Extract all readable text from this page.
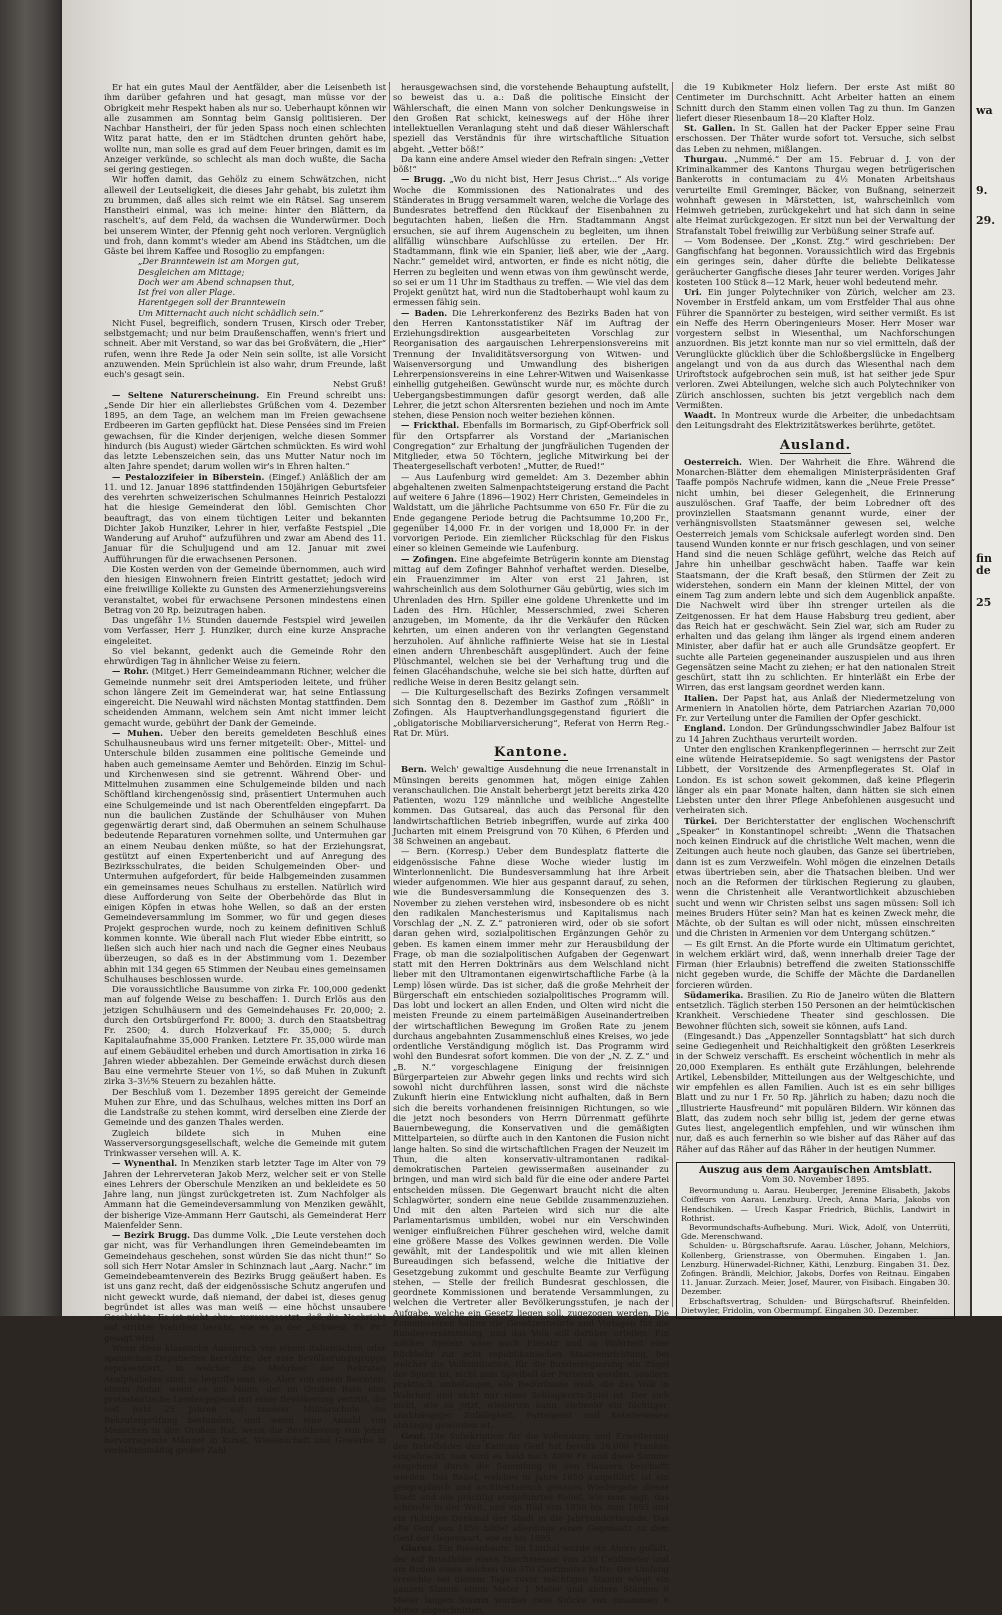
Er hat ein gutes Maul der Aentfälder, aber die Leisenbeth ist ihm darüber gefahren und hat gesagt, man müsse vor der Obrigkeit mehr Respekt haben als nur so. Ueberhaupt können wir alle zusammen am Sonntag beim Gansig politisieren. Der Nachbar Hanstheiri, der für jeden Spass noch einen schlechten Witz parat hatte, den er im Städtchen drunten gehört habe, wollte nun, man solle es grad auf dem Feuer bringen, damit es im Anzeiger verkünde, so schlecht als man doch wußte, die Sacha sei gering gestiegen.

Wir hoffen damit, das Gehölz zu einem Schwätzchen, nicht alleweil der Leutseligkeit, die dieses Jahr gehabt, bis zuletzt ihm zu brummen, daß alles sich reimt wie ein Rätsel. Sag unserem Hanstheiri einmal, was ich meine: hinter den Blättern, da raschelt's, auf dem Feld, da wachsen die Wunderwürmer. Doch bei unserem Winter, der Pfennig geht noch verloren. Vergnüglich und froh, dann kommt's wieder am Abend ins Städtchen, um die Gäste bei ihrem Kaffee und Rosoglio zu empfangen:

„Der Branntewein ist am Morgen gut,

Desgleichen am Mittage;

Doch wer am Abend schnapsen thut,

Ist frei von aller Plage.

Harentgegen soll der Branntewein

Um Mitternacht auch nicht schädlich sein.“

Nicht Fusel, begreiflich, sondern Trusen, Kirsch oder Treber, selbstgemacht; und nur beim Draußenschaffen, wenn's friert und schneit. Aber mit Verstand, so war das bei Großvätern, die „Hier“ rufen, wenn ihre Rede Ja oder Nein sein sollte, ist alle Vorsicht anzuwenden. Mein Sprüchlein ist also wahr, drum Freunde, laßt euch's gesagt sein.

Nebst Gruß!

— Seltene Naturerscheinung. Ein Freund schreibt uns: „Sende Dir hier ein allerliebstes Grüßchen vom 4. Dezember 1895, an dem Tage, an welchem man im Freien gewachsene Erdbeeren im Garten gepflückt hat. Diese Pensées sind im Freien gewachsen, für die Kinder derjenigen, welche diesen Sommer hindurch (bis August) wieder Gärtchen schmückten. Es wird wohl das letzte Lebenszeichen sein, das uns Mutter Natur noch im alten Jahre spendet; darum wollen wir's in Ehren halten.“

— Pestalozzifeier in Biberstein. (Eingef.) Anläßlich der am 11. und 12. Januar 1896 stattfindenden 150jährigen Geburtsfeier des verehrten schweizerischen Schulmannes Heinrich Pestalozzi hat die hiesige Gemeinderat den löbl. Gemischten Chor beauftragt, das von einem tüchtigen Leiter und bekannten Dichter Jakob Hunziker, Lehrer in hier, verfaßte Festspiel „Die Wanderung auf Aruhof“ aufzuführen und zwar am Abend des 11. Januar für die Schuljugend und am 12. Januar mit zwei Aufführungen für die erwachsenen Personen.

Die Kosten werden von der Gemeinde übernommen, auch wird den hiesigen Einwohnern freien Eintritt gestattet; jedoch wird eine freiwillige Kollekte zu Gunsten des Armenerziehungsvereins veranstaltet, wobei für erwachsene Personen mindestens einen Betrag von 20 Rp. beizutragen haben.

Das ungefähr 1½ Stunden dauernde Festspiel wird jeweilen vom Verfasser, Herr J. Hunziker, durch eine kurze Ansprache eingeleitet.

So viel bekannt, gedenkt auch die Gemeinde Rohr den ehrwürdigen Tag in ähnlicher Weise zu feiern.

— Rohr. (Mitget.) Herr Gemeindeammann Richner, welcher die Gemeinde nunmehr seit drei Amtsperioden leitete, und früher schon längere Zeit im Gemeinderat war, hat seine Entlassung eingereicht. Die Neuwahl wird nächsten Montag stattfinden. Dem scheidenden Ammann, welchem sein Amt nicht immer leicht gemacht wurde, gebührt der Dank der Gemeinde.

— Muhen. Ueber den bereits gemeldeten Beschluß eines Schulhausneubaus wird uns ferner mitgeteilt: Ober-, Mittel- und Unterschule bilden zusammen eine politische Gemeinde und haben auch gemeinsame Aemter und Behörden. Einzig im Schul- und Kirchenwesen sind sie getrennt. Während Ober- und Mittelmuhen zusammen eine Schulgemeinde bilden und nach Schöftland kirchengenössig sind, präsentiert Untermuhen auch eine Schulgemeinde und ist nach Oberentfelden eingepfarrt. Da nun die baulichen Zustände der Schulhäuser von Muhen gegenwärtig derart sind, daß Obermuhen an seinem Schulhause bedeutende Reparaturen vornehmen sollte, und Untermuhen gar an einem Neubau denken müßte, so hat der Erziehungsrat, gestützt auf einen Expertenbericht und auf Anregung des Bezirksschulrates, die beiden Schulgemeinden Ober- und Untermuhen aufgefordert, für beide Halbgemeinden zusammen ein gemeinsames neues Schulhaus zu erstellen. Natürlich wird diese Aufforderung von Seite der Oberbehörde das Blut in einigen Köpfen in etwas hohe Wellen, so daß an der ersten Gemeindeversammlung im Sommer, wo für und gegen dieses Projekt gesprochen wurde, noch zu keinem definitiven Schluß kommen konnte. Wie überall nach Flut wieder Ebbe eintritt, so ließen sich auch hier nach und nach die Gegner eines Neubaus überzeugen, so daß es in der Abstimmung vom 1. Dezember abhin mit 134 gegen 65 Stimmen der Neubau eines gemeinsamen Schulhauses beschlossen wurde.

Die voraussichtliche Bausumme von zirka Fr. 100,000 gedenkt man auf folgende Weise zu beschaffen: 1. Durch Erlös aus den jetzigen Schulhäusern und des Gemeindehauses Fr. 20,000; 2. durch den Ortsbürgerfond Fr. 8000; 3. durch den Staatsbeitrag Fr. 2500; 4. durch Holzverkauf Fr. 35,000; 5. durch Kapitalaufnahme 35,000 Franken. Letztere Fr. 35,000 würde man auf einem Gebäuditel erheben und durch Amortisation in zirka 16 Jahren wieder abbezahlen. Der Gemeinde erwächst durch diesen Bau eine vermehrte Steuer von 1½, so daß Muhen in Zukunft zirka 3–3½% Steuern zu bezahlen hätte.

Der Beschluß vom 1. Dezember 1895 gereicht der Gemeinde Muhen zur Ehre, und das Schulhaus, welches mitten ins Dorf an die Landstraße zu stehen kommt, wird derselben eine Zierde der Gemeinde und des ganzen Thales werden.

Zugleich bildete sich in Muhen eine Wasserversorgungsgesellschaft, welche die Gemeinde mit gutem Trinkwasser versehen will. A. K.

— Wynenthal. In Menziken starb letzter Tage im Alter von 79 Jahren der Lehrerveteran Jakob Merz, welcher seit er von Stelle eines Lehrers der Oberschule Menziken an und bekleidete es 50 Jahre lang, nun jüngst zurückgetreten ist. Zum Nachfolger als Ammann hat die Gemeindeversammlung von Menziken gewählt, der bisherige Vize-Ammann Herr Gautschi, als Gemeinderat Herr Maienfelder Senn.

— Bezirk Brugg. Das dumme Volk. „Die Leute verstehen doch gar nicht, was für Verhandlungen ihren Gemeindebeamten im Gemeindehaus geschehen, sonst würden Sie das nicht thun!“ So soll sich Herr Notar Amsler in Schinznach laut „Aarg. Nachr.“ im Gemeindebeamtenverein des Bezirks Brugg geäußert haben. Es ist uns ganz recht, daß der eidgenössische Schutz angerufen und nicht geweckt wurde, daß niemand, der dabei ist, dieses genug begründet ist alles was man weiß — eine höchst unsaubere Geschichte. Es ist nicht ohne, vorausgesetzt, daß die Nachricht auf strikter Wahrheit beruht, wie es in der „Schweiz. Fr. Pr.“ gesagt wird.

Wenn diese klassische Ausspruch von einem italienischen oder spanischen Deputierten herrührte, der eine Bevölkerungsgruppe repräsentiert, in welcher die Mehrheit der Rekruten Analphabeten sind, so begriffe man sie. Aber von einem Beamten, einem Notar, wenn es ein Mann, der im Großen Rate eine protestantische Landesgegend mit einer Bevölkerung vertritt, die seit bald 25 Jahren auf unserer Militärschule die Rekrutenprüfung bestanden, und wenn eine Anzahl von Menschen in den Großen Rat, wenn die Bevölkerung von jeher hervorragende Männer in Kunst, Wissenschaft und Gewerbe in verhältnismäßig großer Zahl

herausgewachsen sind, die vorstehende Behauptung aufstellt, so beweist das u. a.: Daß die politische Einsicht der Wählerschaft, die einen Mann von solcher Denkungsweise in den Großen Rat schickt, keineswegs auf der Höhe ihrer intellektuellen Veranlagung steht und daß dieser Wählerschaft speziell das Verständnis für ihre wirtschaftliche Situation abgeht. „Vetter böß!“

Da kann eine andere Amsel wieder den Refrain singen: „Vetter böß!“

— Brugg. „Wo du nicht bist, Herr Jesus Christ...“ Als vorige Woche die Kommissionen des Nationalrates und des Ständerates in Brugg versammelt waren, welche die Vorlage des Bundesrates betreffend den Rückkauf der Eisenbahnen zu begutachten haben, ließen die Hrn. Stadtammann Angst ersuchen, sie auf ihrem Augenschein zu begleiten, um ihnen allfällig wünschbare Aufschlüsse zu erteilen. Der Hr. Stadtammann, flink wie ein Spanier, ließ aber, wie der „Aarg. Nachr.“ gemeldet wird, antworten, er finde es nicht nötig, die Herren zu begleiten und wenn etwas von ihm gewünscht werde, so sei er um 11 Uhr im Stadthaus zu treffen. — Wie viel das dem Projekt genützt hat, wird nun die Stadtoberhaupt wohl kaum zu ermessen fähig sein.

— Baden. Die Lehrerkonferenz des Bezirks Baden hat von den Herren Kantonsstatistiker Näf im Auftrag der Erziehungsdirektion ausgearbeiteten Vorschlag zur Reorganisation des aargauischen Lehrerpensionsvereins mit Trennung der Invaliditätsversorgung von Witwen- und Waisenversorgung und Umwandlung des bisherigen Lehrerpensionsvereins in eine Lehrer-Witwen und Waisenkasse einhellig gutgeheißen. Gewünscht wurde nur, es möchte durch Uebergangsbestimmungen dafür gesorgt werden, daß alle Lehrer, die jetzt schon Altersrenten beziehen und noch im Amte stehen, diese Pension noch weiter beziehen können.

— Frickthal. Ebenfalls im Bormarisch, zu Gipf-Oberfrick soll für den Ortspfarrer als Vorstand der „Marianischen Congregation“ zur Erhaltung der jungfräulichen Tugenden der Mitglieder, etwa 50 Töchtern, jegliche Mitwirkung bei der Theatergesellschaft verboten! „Mutter, de Rued!“

— Aus Laufenburg wird gemeldet: Am 3. Dezember abhin abgehaltenen zweiten Salmenpachtsteigerung erstand die Pacht auf weitere 6 Jahre (1896—1902) Herr Christen, Gemeindeles in Waldstatt, um die jährliche Pachtsumme von 650 Fr. Für die zu Ende gegangene Periode betrug die Pachtsumme 10,200 Fr., gegenüber 14,000 Fr. in der vorigen und 18,000 Fr. in der vorvorigen Periode. Ein ziemlicher Rückschlag für den Fiskus einer so kleinen Gemeinde wie Laufenburg.

— Zofingen. Eine abgefeimte Betrügerin konnte am Dienstag mittag auf dem Zofinger Bahnhof verhaftet werden. Dieselbe, ein Frauenzimmer im Alter von erst 21 Jahren, ist wahrscheinlich aus dem Solothurner Gäu gebürtig, wies sich im Uhrenladen des Hrn. Spiller eine goldene Uhrenkette und im Laden des Hrn. Hüchler, Messerschmied, zwei Scheren anzugeben, im Momente, da ihr die Verkäufer den Rücken kehrten, um einen anderen von ihr verlangten Gegenstand herzuholen. Auf ähnliche raffinierte Weise hat sie in Liestal einen andern Uhrenbeschäft ausgeplündert. Auch der feine Plüschmantel, welchen sie bei der Verhaftung trug und die feinen Glacéhandschuhe, welche sie bei sich hatte, dürften auf redliche Weise in deren Besitz gelangt sein.

— Die Kulturgesellschaft des Bezirks Zofingen versammelt sich Sonntag den 8. Dezember im Gasthof zum „Rößli“ in Zofingen. Als Hauptverhandlungsgegenstand figuriert die „obligatorische Mobiliarversicherung“, Referat von Herrn Reg.-Rat Dr. Müri.

Kantone.

Bern. Welch' gewaltige Ausdehnung die neue Irrenanstalt in Münsingen bereits genommen hat, mögen einige Zahlen veranschaulichen. Die Anstalt beherbergt jetzt bereits zirka 420 Patienten, wozu 129 männliche und weibliche Angestellte kommen. Das Gutsareal, das auch das Personal für den landwirtschaftlichen Betrieb inbegriffen, wurde auf zirka 400 Jucharten mit einem Preisgrund von 70 Kühen, 6 Pferden und 38 Schweinen an angebaut.

— Bern. (Korresp.) Ueber dem Bundesplatz flatterte die eidgenössische Fahne diese Woche wieder lustig im Winterlonnenlicht. Die Bundesversammlung hat ihre Arbeit wieder aufgenommen. Wie hier aus gespannt darauf, zu sehen, wie die Bundesversammlung die Konsequenzen des 3. November zu ziehen verstehen wird, insbesondere ob es nicht den radikalen Manchesterismus und Kapitalismus nach Vorschlag der „N. Z. Z.“ patronieren wird, oder ob sie sofort daran gehen wird, sozialpolitischen Ergänzungen Gehör zu geben. Es kamen einem immer mehr zur Herausbildung der Frage, ob man die sozialpolitischen Aufgaben der Gegenwart statt mit den Herren Doktrinärs aus dem Welschland nicht lieber mit den Ultramontanen eigenwirtschaftliche Farbe (à la Lemp) lösen würde. Das ist sicher, daß die große Mehrheit der Bürgerschaft ein entschieden sozialpolitisches Programm will. Das lobt und lockert an allen Enden, und Olten wird nicht die meisten Freunde zu einem parteimäßigen Auseinandertreiben der wirtschaftlichen Bewegung im Großen Rate zu jenem durchaus angebahnten Zusammenschluß eines Kreises, wo jede ordentliche Verständigung möglich ist. Das Programm wird wohl den Bundesrat sofort kommen. Die von der „N. Z. Z.“ und „B. N.“ vorgeschlagene Einigung der freisinnigen Bürgerparteien zur Abwehr gegen links und rechts wird sich sowohl nicht durchführen lassen, sonst wird die nächste Zukunft hierin eine Entwicklung nicht aufhalten, daß in Bern sich die bereits vorhandenen freisinnigen Richtungen, so wie die jetzt noch besonders von Herrn Dürrenmatt geführte Bauernbewegung, die Konservativen und die gemäßigten Mittelparteien, so dürfte auch in den Kantonen die Fusion nicht lange halten. So sind die wirtschaftlichen Fragen der Neuzeit im Thun, die alten konservativ-ultramontanen radikal-demokratischen Parteien gewissermaßen auseinander zu bringen, und man wird sich bald für die eine oder andere Partei entscheiden müssen. Die Gegenwart braucht nicht die alten Schlagwörter, sondern eine neue Gebilde zusammenzuziehen. Und mit den alten Parteien wird sich nur die alte Parlamentarismus umbilden, wobei nur ein Verschwinden weniger einflußreichen Führer geschehen wird, welche damit eine größere Masse des Volkes gewinnen werden. Die Volle gewählt, mit der Landespolitik und wie mit allen kleinen Bureaudingen sich befassend, welche die Initiative der Gesetzgebung zukommt und geschulte Beamte zur Verfügung stehen, — Stelle der freilich Bundesrat geschlossen, die geordnete Kommissionen und beratende Versammlungen, zu welchen die Vertreter aller Bevölkerungsstufen, je nach der Aufgabe, welche ein Gesetz liegen soll, zugezogen werden. Die Kommissionen hätten die Gesetzentwürfe und Vorlagen für die Bundesversammlung, und das Volk soll darüber urteilen. Ein solches System wäre auch Einsatz und in Wahrheit eine Rückkehr zur echt republikanischen Staatseinrichtung, bei welcher die Volksinitiative, für die Bundesregierung ein Zügel der Sporn ist, nicht zum Spielball der Parteien werden, sondern praktisch, unbefangen, alle Bedürfnisse weiß, die das Volk in Wahrheit und nicht nur eines Schlagworts-Spiel ist. Der sich nicht, wie es jetzt, wiederum kann, vielmehr ein tüchtiger, unabhängiger Zufälligkeit, Parteigeist und Koteriewesen abhängig geworden ist.

Genf. Die Subskription für die Vollendung und Erweiterung des Reliefbildes des Kantons Genf hat bereits 26,000 Franken eingebracht; nun wird es bald noch 4000 Fr. und diese Summe eingehend durch die Sammlung in den Häusern beschafft werden. Das Relief, welches in Jahre 1850 ausgeführt, ist ein geographisch und architektonisch genaues Wiedergabe dieser Stadt und ein prächtig ausgeführtes Relief, wie man sagt, das schönste in der Welt, und ein Bild von 1850 bis zum 1895 und ein richtiges Denkmal der Stadt in die Jahrhundertwende. Das alte Genf von 1850 bildet allerdings einen Gegensatz zu dem Genf der Gegenwart, wie es bis 1895.

Glarus. Ein Riesenbaum. Im Linthal wurde ein Ahorn gefällt, der auf Brusthöhe einen Durchmesser von 250 Centimeter und am Boden einen solchen von 370 Centimeter hatte. Der Umfang erreichte bei diesem Tage zuvor mächtigen Stamm wiegt ein ganzen Stamm einen Meter 1 Meter und andere Stämme 9 Meter langen Stamm wurden zwei Stöcke von zusammen 6 Meter abgeschnitten,

die 19 Kubikmeter Holz liefern. Der erste Ast mißt 80 Centimeter im Durchschnitt. Acht Arbeiter hatten an einem Schnitt durch den Stamm einen vollen Tag zu thun. Im Ganzen liefert dieser Riesenbaum 18—20 Klafter Holz.

St. Gallen. In St. Gallen hat der Packer Epper seine Frau erschossen. Der Thäter wurde sofort tot. Versuche, sich selbst das Leben zu nehmen, mißlangen.

Thurgau. „Nummé.“ Der am 15. Februar d. J. von der Kriminalkammer des Kantons Thurgau wegen betrügerischen Bankerotts in contumaciam zu 4½ Monaten Arbeitshaus verurteilte Emil Greminger, Bäcker, von Bußnang, seinerzeit wohnhaft gewesen in Märstetten, ist, wahrscheinlich vom Heimweh getrieben, zurückgekehrt und hat sich dann in seine alte Heimat zurückgezogen. Er sitzt nun bei der Verwaltung der Strafanstalt Tobel freiwillig zur Verbüßung seiner Strafe auf.

— Vom Bodensee. Der „Konst. Ztg.“ wird geschrieben: Der Gangfischfang hat begonnen. Voraussichtlich wird das Ergebnis ein geringes sein, daher dürfte die beliebte Delikatesse geräucherter Gangfische dieses Jahr teurer werden. Voriges Jahr kosteten 100 Stück 8—12 Mark, heuer wohl bedeutend mehr.

Uri. Ein junger Polytechniker von Zürich, welcher am 23. November in Erstfeld ankam, um vom Erstfelder Thal aus ohne Führer die Spannörter zu besteigen, wird seither vermißt. Es ist ein Neffe des Herrn Oberingenieurs Moser. Herr Moser war vorgestern selbst in Wiesenthal, um Nachforschungen anzuordnen. Bis jetzt konnte man nur so viel ermitteln, daß der Verunglückte glücklich über die Schloßbergslücke in Engelberg angelangt und von da aus durch das Wiesenthal nach dem Uriroftstock aufgebrochen sein muß, ist hat seither jede Spur verloren. Zwei Abteilungen, welche sich auch Polytechniker von Zürich anschlossen, suchten bis jetzt vergeblich nach dem Vermißten.

Waadt. In Montreux wurde die Arbeiter, die unbedachtsam den Leitungsdraht des Elektrizitätswerkes berührte, getötet.

Ausland.

Oesterreich. Wien. Der Wahrheit die Ehre. Während die Monarchen-Blätter dem ehemaligen Ministerpräsidenten Graf Taaffe pompös Nachrufe widmen, kann die „Neue Freie Presse“ nicht umhin, bei dieser Gelegenheit, die Erinnerung auszulöschen. Graf Taaffe, der beim Lobredner oft des provinziellen Staatsmann genannt wurde, einer der verhängnisvollsten Staatsmänner gewesen sei, welche Oesterreich jemals vom Schicksale auferlegt worden sind. Den tausend Wunden konnte er nur frisch geschlagen, und von seiner Hand sind die neuen Schläge geführt, welche das Reich auf Jahre hin unheilbar geschwächt haben. Taaffe war kein Staatsmann, der die Kraft besaß, den Stürmen der Zeit zu widerstehen, sondern ein Mann der kleinen Mittel, der von einem Tag zum andern lebte und sich dem Augenblick anpaßte. Die Nachwelt wird über ihn strenger urteilen als die Zeitgenossen. Er hat dem Hause Habsburg treu gedient, aber das Reich hat er geschwächt. Sein Ziel war, sich am Ruder zu erhalten und das gelang ihm länger als irgend einem anderen Minister, aber dafür hat er auch alle Grundsätze geopfert. Er suchte alle Parteien gegeneinander auszuspielen und aus ihren Gegensätzen seine Macht zu ziehen; er hat den nationalen Streit geschürt, statt ihn zu schlichten. Er hinterläßt ein Erbe der Wirren, das erst langsam geordnet werden kann.

Italien. Der Papst hat, aus Anlaß der Niedermetzelung von Armeniern in Anatolien hörte, dem Patriarchen Azarian 70,000 Fr. zur Verteilung unter die Familien der Opfer geschickt.

England. London. Der Gründungsschwindler Jabez Balfour ist zu 14 Jahren Zuchthaus verurteilt worden.

Unter den englischen Krankenpflegerinnen — herrscht zur Zeit eine wütende Heiratsepidemie. So sagt wenigstens der Pastor Libbett, der Vorsitzende des Armenpflegerates St. Olaf in London. Es ist schon soweit gekommen, daß keine Pflegerin länger als ein paar Monate halten, dann hätten sie sich einen Liebsten unter den ihrer Pflege Anbefohlenen ausgesucht und verheiraten sich.

Türkei. Der Berichterstatter der englischen Wochenschrift „Speaker“ in Konstantinopel schreibt: „Wenn die Thatsachen noch keinen Eindruck auf die christliche Welt machen, wenn die Zeitungen auch heute noch glauben, das Ganze sei übertrieben, dann ist es zum Verzweifeln. Wohl mögen die einzelnen Details etwas übertrieben sein, aber die Thatsachen bleiben. Und wer noch an die Reformen der türkischen Regierung zu glauben, wenn die Christenheit alle Verantwortlichkeit abzuschieben sucht und wenn wir Christen selbst uns sagen müssen: Soll ich meines Bruders Hüter sein? Man hat es keinen Zweck mehr, die Mächte, ob der Sultan es will oder nicht, müssen einschreiten und die Christen in Armenien vor dem Untergang schützen.“

— Es gilt Ernst. An die Pforte wurde ein Ultimatum gerichtet, in welchem erklärt wird, daß, wenn innerhalb dreier Tage der Firman (hier Erlaubnis) betreffend die zweiten Stationsschiffe nicht gegeben wurde, die Schiffe der Mächte die Dardanellen forcieren würden.

Südamerika. Brasilien. Zu Rio de Janeiro wüten die Blattern entsetzlich. Täglich sterben 150 Personen an der heimtückischen Krankheit. Verschiedene Theater sind geschlossen. Die Bewohner flüchten sich, soweit sie können, aufs Land.

(Eingesandt.) Das „Appenzeller Sonntagsblatt“ hat sich durch seine Gediegenheit und Reichhaltigkeit den größten Leserkreis in der Schweiz verschafft. Es erscheint wöchentlich in mehr als 20,000 Exemplaren. Es enthält gute Erzählungen, belehrende Artikel, Lebensbilder, Mitteilungen aus der Weltgeschichte, und wir empfehlen es allen Familien. Auch ist es ein sehr billiges Blatt und zu nur 1 Fr. 50 Rp. jährlich zu haben; dazu noch die „Illustrierte Hausfreund“ mit populären Bildern. Wir können das Blatt, das zudem noch sehr billig ist, jedem der gerne etwas Gutes liest, angelegentlich empfehlen, und wir wünschen ihm nur, daß es auch fernerhin so wie bisher auf das Räher auf das Räher auf das Räher auf das Räher in der heutigen Nummer.

Auszug aus dem Aargauischen Amtsblatt.

Vom 30. November 1895.

Bevormundung u. Aarau. Heuberger, Jeremine Elisabeth, Jakobs Coiffeurs von Aarau. Lenzburg. Urech, Anna Maria, Jakobs von Hendschiken. — Urech Kaspar Friedrich, Büchlis, Landwirt in Rothrist.

Bevormundschafts-Aufhebung. Muri. Wick, Adolf, von Unterrüti, Gde. Merenschwand.

Schulden- u. Bürgschaftsrufe. Aarau. Lüscher, Johann, Melchiors, Kollenberg, Grienstrasse, von Obermuhen. Eingaben 1. Jan. Lenzburg. Hünerwadel-Richner, Käthi, Lenzburg. Eingaben 31. Dez. Zofingen. Brändli, Melchior, Jakobs, Dorfes von Reitnau. Eingaben 11. Januar. Zurzach. Meier, Josef, Maurer, von Fisibach. Eingaben 30. Dezember.

Erbschaftsvertrag, Schulden- und Bürgschaftsruf. Rheinfelden. Dietwyler, Fridolin, von Obermumpf. Eingaben 30. Dezember.

wa
9.
29.
fin
de
25
